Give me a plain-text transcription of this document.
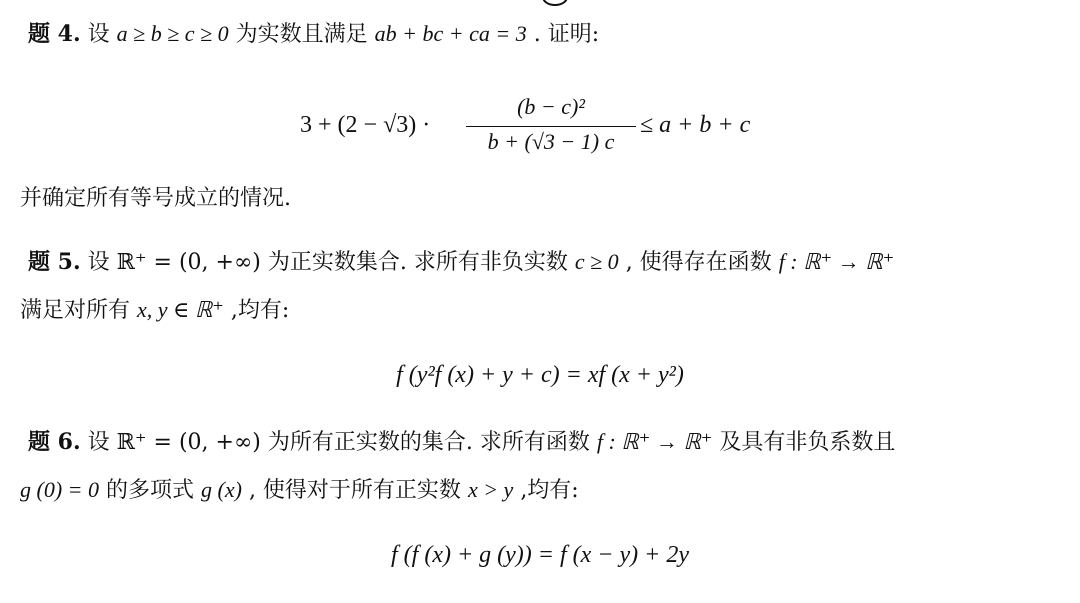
题 4. 设 a ≥ b ≥ c ≥ 0 为实数且满足 ab + bc + ca = 3 . 证明:
3 + (2 − √3) ·
(b − c)²
b + (√3 − 1) c
≤ a + b + c
并确定所有等号成立的情况.
题 5. 设 ℝ⁺ = (0, +∞) 为正实数集合. 求所有非负实数 c ≥ 0 , 使得存在函数 f : ℝ⁺ → ℝ⁺
满足对所有 x, y ∈ ℝ⁺ ,均有:
f (y²f (x) + y + c) = xf (x + y²)
题 6. 设 ℝ⁺ = (0, +∞) 为所有正实数的集合. 求所有函数 f : ℝ⁺ → ℝ⁺ 及具有非负系数且
g (0) = 0 的多项式 g (x) , 使得对于所有正实数 x > y ,均有:
f (f (x) + g (y)) = f (x − y) + 2y
